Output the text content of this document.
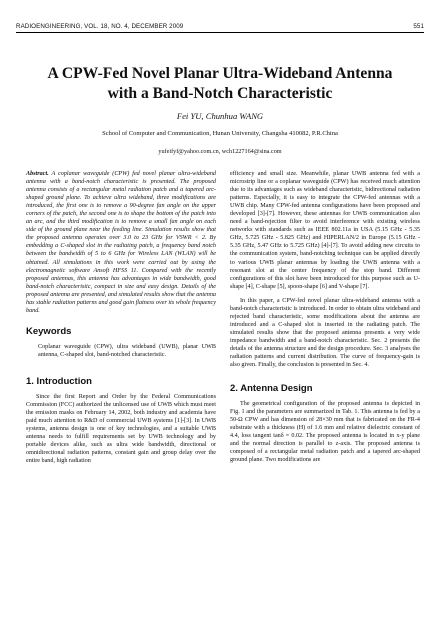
RADIOENGINEERING, VOL. 18, NO. 4, DECEMBER 2009	551
A CPW-Fed Novel Planar Ultra-Wideband Antenna
with a Band-Notch Characteristic
Fei YU, Chunhua WANG
School of Computer and Communication, Hunan University, Changsha 410082, P.R.China
yufeifyf@yahoo.com.cn, wch1227164@sina.com

Abstract. A coplanar waveguide (CPW) fed novel planar ultra-wideband antenna with a band-notch characteristic is presented. The proposed antenna consists of a rectangular metal radiation patch and a tapered arc-shaped ground plane. To achieve ultra wideband, three modifications are introduced, the first one is to remove a 90-degree fan angle on the upper corners of the patch, the second one is to shape the bottom of the patch into an arc, and the third modification is to remove a small fan angle on each side of the ground plane near the feeding line. Simulation results show that the proposed antenna operates over 3.0 to 23 GHz for VSWR < 2. By embedding a C-shaped slot in the radiating patch, a frequency band notch between the bandwidth of 5 to 6 GHz for Wireless LAN (WLAN) will be obtained. All simulations in this work were carried out by using the electromagnetic software Ansoft HFSS 11. Compared with the recently proposed antennas, this antenna has advantages in wide bandwidth, good band-notch characteristic, compact in size and easy design. Details of the proposed antenna are presented, and simulated results show that the antenna has stable radiation patterns and good gain flatness over its whole frequency band.

Keywords

Coplanar waveguide (CPW), ultra wideband (UWB), planar UWB antenna, C-shaped slot, band-notched characteristic.

1. Introduction

Since the first Report and Order by the Federal Communications Commission (FCC) authorized the unlicensed use of UWB which must meet the emission masks on February 14, 2002, both industry and academia have paid much attention to R&D of commercial UWB systems [1]-[3]. In UWB systems, antenna design is one of key technologies, and a suitable UWB antenna needs to fulfill requirements set by UWB technology and by portable devices alike, such as ultra wide bandwidth, directional or omnidirectional radiation patterns, constant gain and group delay over the entire band, high radiation

efficiency and small size. Meanwhile, planar UWB antenna fed with a microstrip line or a coplanar waveguide (CPW) has received much attention due to its advantages such as wideband characteristic, bidirectional radiation patterns. Especially, it is easy to integrate the CPW-fed antennas with a UWB chip. Many CPW-fed antenna configurations have been proposed and developed [3]-[7]. However, these antennas for UWB communication also need a band-rejection filter to avoid interference with existing wireless networks with standards such as IEEE 802.11a in USA (5.15 GHz - 5.35 GHz, 5.725 GHz - 5.825 GHz) and HIPERLAN/2 in Europe (5.15 GHz - 5.35 GHz, 5.47 GHz to 5.725 GHz) [4]-[7]. To avoid adding new circuits to the communication system, band-notching technique can be applied directly to various UWB planar antennas by loading the UWB antenna with a resonant slot at the center frequency of the stop band. Different configurations of this slot have been introduced for this purpose such as U-shape [4], C-shape [5], spoon-shape [6] and V-shape [7].

In this paper, a CPW-fed novel planar ultra-wideband antenna with a band-notch characteristic is introduced. In order to obtain ultra wideband and rejected band characteristic, some modifications about the antenna are introduced and a C-shaped slot is inserted in the radiating patch. The simulated results show that the proposed antenna presents a very wide impedance bandwidth and a band-notch characteristic. Sec. 2 presents the details of the antenna structure and the design procedure. Sec. 3 analyses the radiation patterns and current distribution. The curve of frequency-gain is also given. Finally, the conclusion is presented in Sec. 4.

2. Antenna Design

The geometrical configuration of the proposed antenna is depicted in Fig. 1 and the parameters are summarized in Tab. 1. This antenna is fed by a 50-Ω CPW and has dimension of 28×30 mm that is fabricated on the FR-4 substrate with a thickness (H) of 1.6 mm and relative dielectric constant of 4.4, loss tangent tanδ = 0.02. The proposed antenna is located in x-y plane and the normal direction is parallel to z-axis. The proposed antenna is composed of a rectangular metal radiation patch and a tapered arc-shaped ground plane. Two modifications are
